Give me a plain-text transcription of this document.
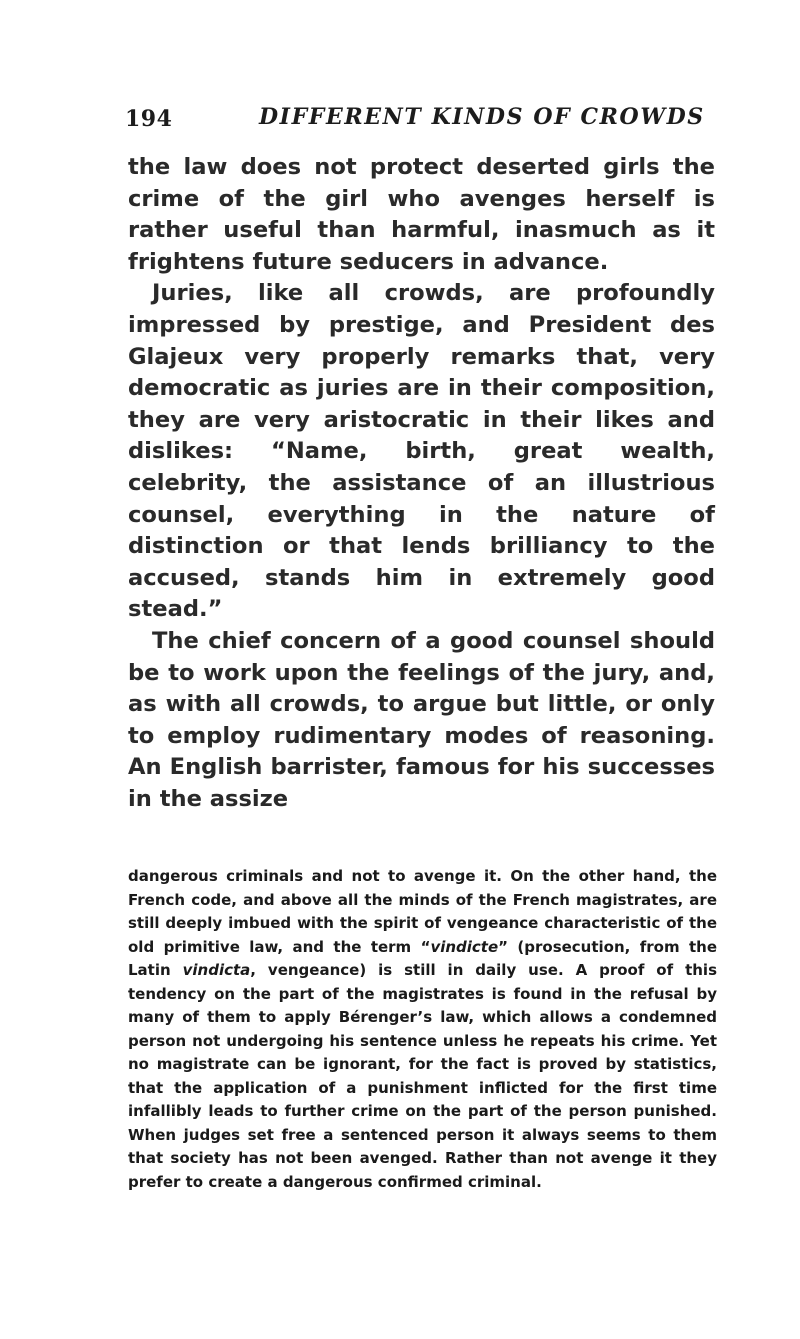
194	DIFFERENT KINDS OF CROWDS

the law does not protect deserted girls the crime of the girl who avenges herself is rather useful than harmful, inasmuch as it frightens future seducers in advance.

Juries, like all crowds, are profoundly impressed by prestige, and President des Glajeux very properly remarks that, very democratic as juries are in their composition, they are very aristocratic in their likes and dislikes: “Name, birth, great wealth, celebrity, the assistance of an illustrious counsel, everything in the nature of distinction or that lends brilliancy to the accused, stands him in extremely good stead.”

The chief concern of a good counsel should be to work upon the feelings of the jury, and, as with all crowds, to argue but little, or only to employ rudimentary modes of reasoning. An English barrister, famous for his successes in the assize

dangerous criminals and not to avenge it. On the other hand, the French code, and above all the minds of the French magistrates, are still deeply imbued with the spirit of vengeance characteristic of the old primitive law, and the term “vindicte” (prosecution, from the Latin vindicta, vengeance) is still in daily use. A proof of this tendency on the part of the magistrates is found in the refusal by many of them to apply Bérenger’s law, which allows a condemned person not undergoing his sentence unless he repeats his crime. Yet no magistrate can be ignorant, for the fact is proved by statistics, that the application of a punishment inflicted for the first time infallibly leads to further crime on the part of the person punished. When judges set free a sentenced person it always seems to them that society has not been avenged. Rather than not avenge it they prefer to create a dangerous confirmed criminal.
